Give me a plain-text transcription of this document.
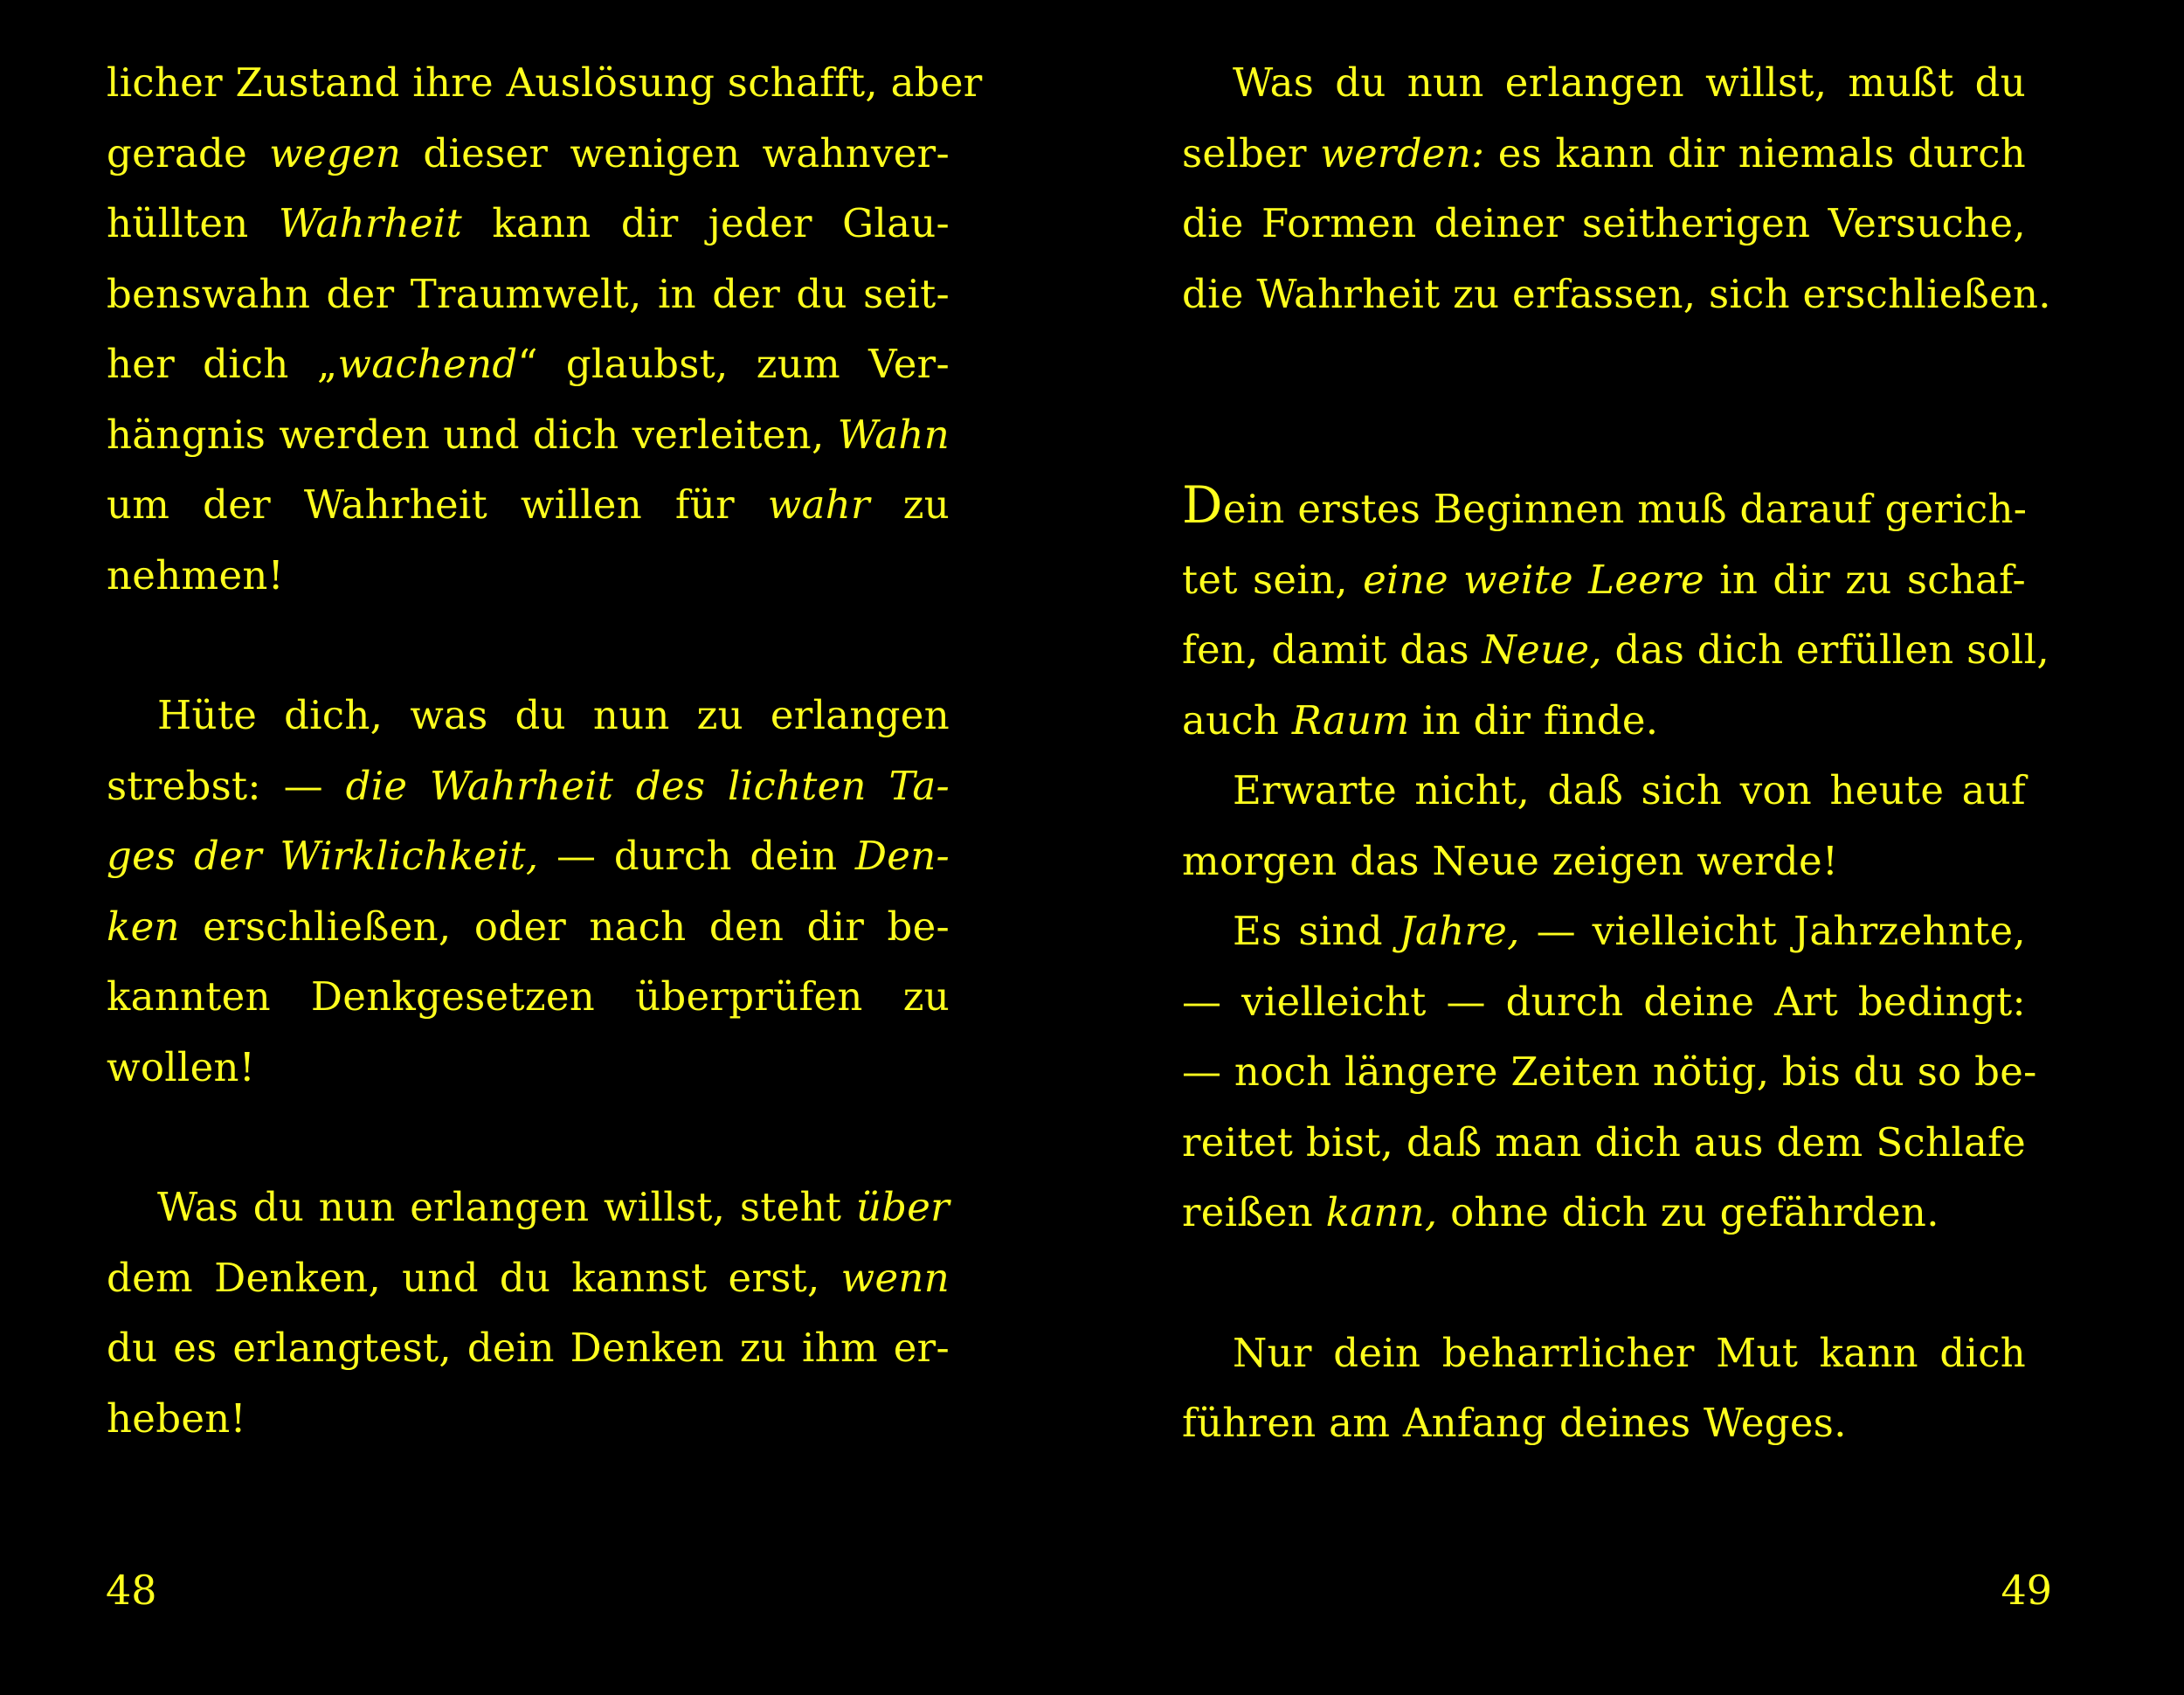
licher Zustand ihre Auslösung schafft, aber
gerade wegen dieser wenigen wahnver-
hüllten Wahrheit kann dir jeder Glau-
benswahn der Traumwelt, in der du seit-
her dich „wachend“ glaubst, zum Ver-
hängnis werden und dich verleiten, Wahn
um der Wahrheit willen für wahr zu
nehmen!

Hüte dich, was du nun zu erlangen
strebst: — die Wahrheit des lichten Ta-
ges der Wirklichkeit, — durch dein Den-
ken erschließen, oder nach den dir be-
kannten Denkgesetzen überprüfen zu
wollen!

Was du nun erlangen willst, steht über
dem Denken, und du kannst erst, wenn
du es erlangtest, dein Denken zu ihm er-
heben!

48

Was du nun erlangen willst, mußt du
selber werden: es kann dir niemals durch
die Formen deiner seitherigen Versuche,
die Wahrheit zu erfassen, sich erschließen.

Dein erstes Beginnen muß darauf gerich-
tet sein, eine weite Leere in dir zu schaf-
fen, damit das Neue, das dich erfüllen soll,
auch Raum in dir finde.

Erwarte nicht, daß sich von heute auf
morgen das Neue zeigen werde!

Es sind Jahre, — vielleicht Jahrzehnte,
— vielleicht — durch deine Art bedingt:
— noch längere Zeiten nötig, bis du so be-
reitet bist, daß man dich aus dem Schlafe
reißen kann, ohne dich zu gefährden.

Nur dein beharrlicher Mut kann dich
führen am Anfang deines Weges.

49
